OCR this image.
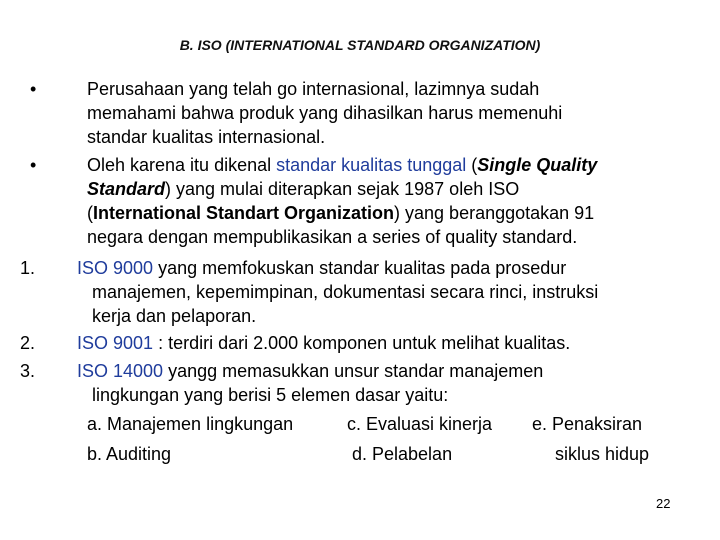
B. ISO (INTERNATIONAL STANDARD ORGANIZATION)
•	Perusahaan yang telah go internasional, lazimnya sudah
memahami bahwa produk yang dihasilkan harus memenuhi
standar kualitas internasional.
•	Oleh karena itu dikenal standar kualitas tunggal (Single Quality
Standard) yang mulai diterapkan sejak 1987 oleh ISO
(International Standart Organization) yang beranggotakan 91
negara dengan mempublikasikan a series of quality standard.
1. ISO 9000 yang memfokuskan standar kualitas pada prosedur
manajemen, kepemimpinan, dokumentasi secara rinci, instruksi
kerja dan pelaporan.
2. ISO 9001 : terdiri dari 2.000 komponen untuk melihat kualitas.
3. ISO 14000 yangg memasukkan unsur standar manajemen
lingkungan yang berisi 5 elemen dasar yaitu:
a. Manajemen lingkungan	c. Evaluasi kinerja e. Penaksiran
b. Auditing	d. Pelabelan	siklus hidup
22
